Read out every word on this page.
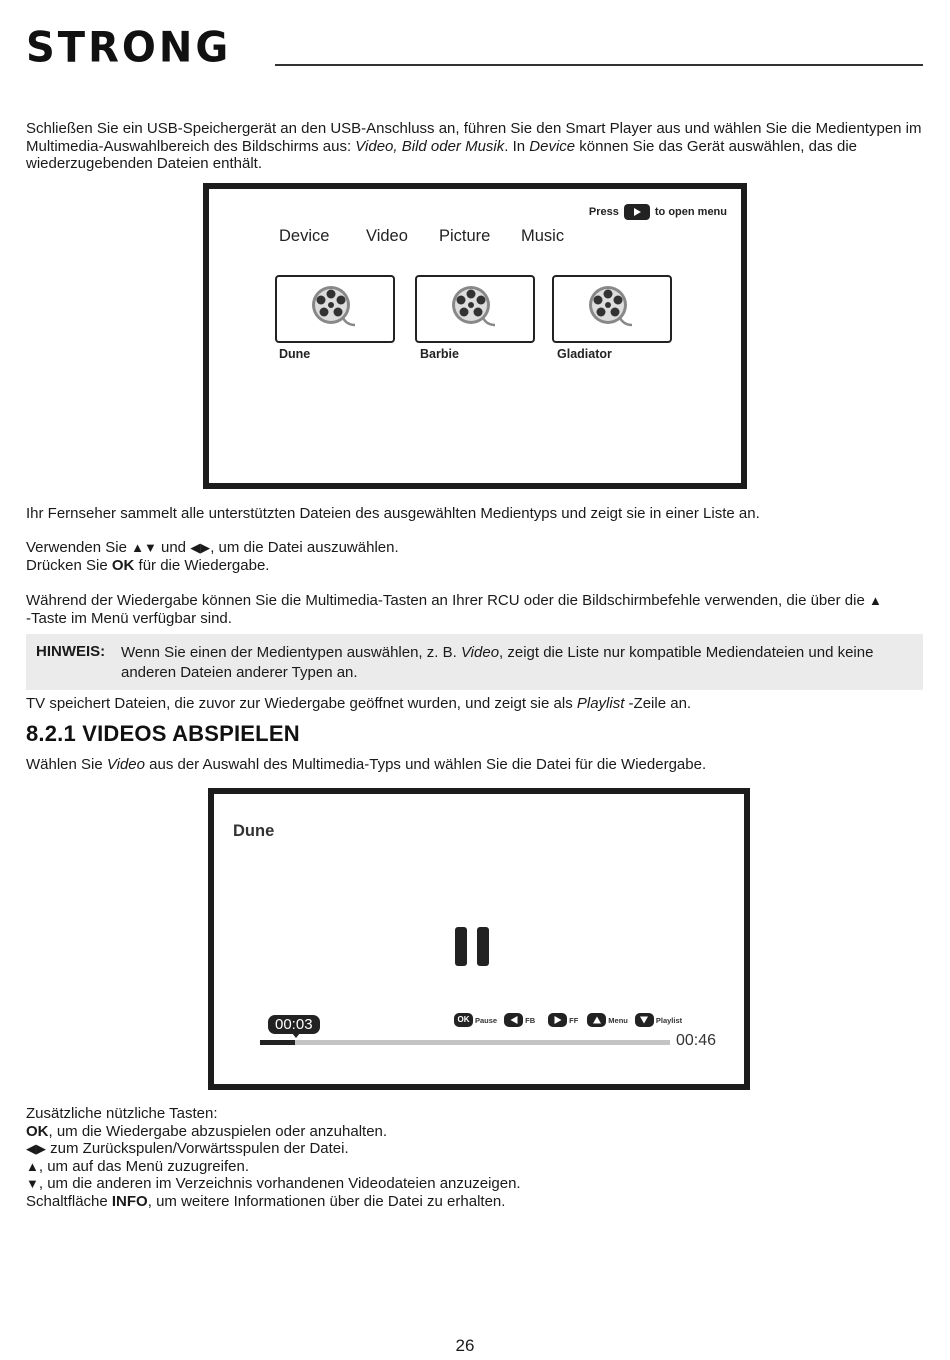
STRONG
Schließen Sie ein USB-Speichergerät an den USB-Anschluss an, führen Sie den Smart Player aus und wählen Sie die Medientypen im Multimedia-Auswahlbereich des Bildschirms aus: Video, Bild oder Musik. In Device können Sie das Gerät auswählen, das die wiederzugebenden Dateien enthält.
Press	to open menu
Device Video Picture Music
Dune	Barbie	Gladiator
Ihr Fernseher sammelt alle unterstützten Dateien des ausgewählten Medientyps und zeigt sie in einer Liste an.
Verwenden Sie ▲▼ und ◀▶, um die Datei auszuwählen.
Drücken Sie OK für die Wiedergabe.
Während der Wiedergabe können Sie die Multimedia-Tasten an Ihrer RCU oder die Bildschirmbefehle verwenden, die über die ▲
-Taste im Menü verfügbar sind.
HINWEIS: Wenn Sie einen der Medientypen auswählen, z. B. Video, zeigt die Liste nur kompatible Mediendateien und keine anderen Dateien anderer Typen an.
TV speichert Dateien, die zuvor zur Wiedergabe geöffnet wurden, und zeigt sie als Playlist -Zeile an.
8.2.1 VIDEOS ABSPIELEN
Wählen Sie Video aus der Auswahl des Multimedia-Typs und wählen Sie die Datei für die Wiedergabe.
Dune
00:03	OK Pause	FB	FF	Menu	Playlist
00:46
Zusätzliche nützliche Tasten:
OK, um die Wiedergabe abzuspielen oder anzuhalten.
◀▶ zum Zurückspulen/Vorwärtsspulen der Datei.
▲, um auf das Menü zuzugreifen.
▼, um die anderen im Verzeichnis vorhandenen Videodateien anzuzeigen.
Schaltfläche INFO, um weitere Informationen über die Datei zu erhalten.
26
